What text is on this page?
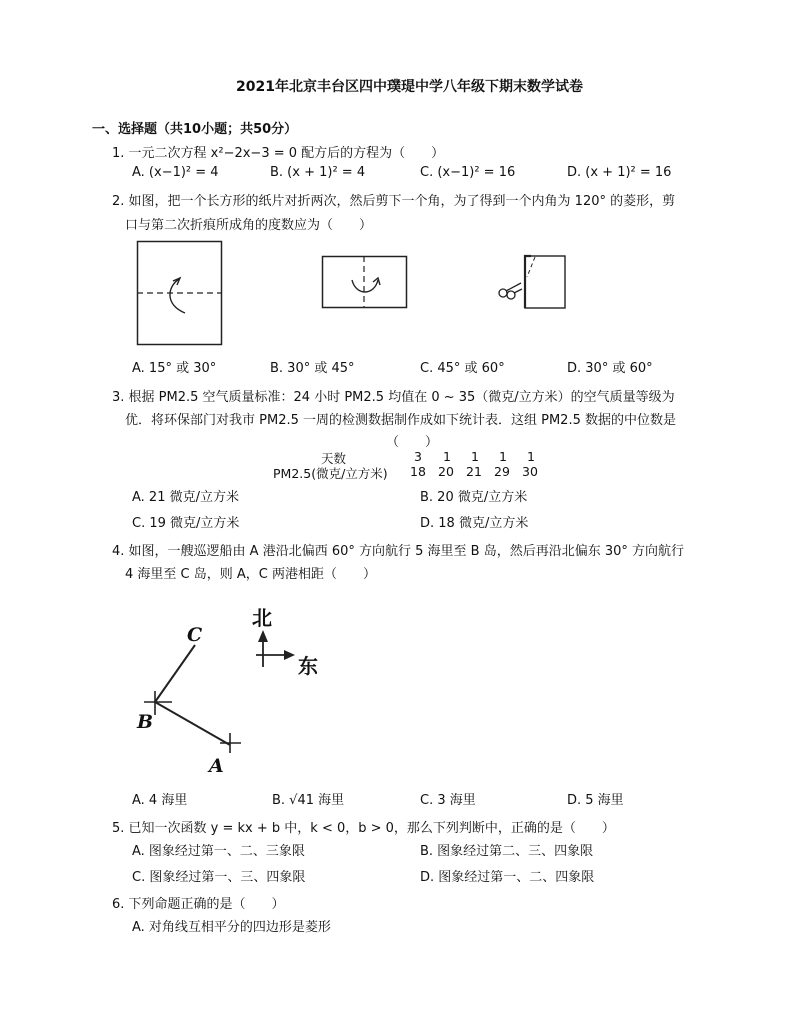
2021年北京丰台区四中璞瑅中学八年级下期末数学试卷
一、选择题（共10小题；共50分）
1. 一元二次方程 x²−2x−3 = 0 配方后的方程为（　　）
A. (x−1)² = 4	B. (x + 1)² = 4	C. (x−1)² = 16	D. (x + 1)² = 16
2. 如图，把一个长方形的纸片对折两次，然后剪下一个角，为了得到一个内角为 120° 的菱形，剪
口与第二次折痕所成角的度数应为（　　）
A. 15° 或 30°	B. 30° 或 45°	C. 45° 或 60°	D. 30° 或 60°
3. 根据 PM2.5 空气质量标准：24 小时 PM2.5 均值在 0 ~ 35（微克/立方米）的空气质量等级为
优．将环保部门对我市 PM2.5 一周的检测数据制作成如下统计表．这组 PM2.5 数据的中位数是
（　　）
天数	3 1 1 1 1
PM2.5(微克/立方米) 18 20 21 29 30
A. 21 微克/立方米	B. 20 微克/立方米
C. 19 微克/立方米	D. 18 微克/立方米
4. 如图，一艘巡逻船由 A 港沿北偏西 60° 方向航行 5 海里至 B 岛，然后再沿北偏东 30° 方向航行
4 海里至 C 岛，则 A，C 两港相距（　　）
C
B
A
北
东
A. 4 海里	B. √41 海里	C. 3 海里	D. 5 海里
5. 已知一次函数 y = kx + b 中，k < 0，b > 0，那么下列判断中，正确的是（　　）
A. 图象经过第一、二、三象限	B. 图象经过第二、三、四象限
C. 图象经过第一、三、四象限	D. 图象经过第一、二、四象限
6. 下列命题正确的是（　　）
A. 对角线互相平分的四边形是菱形
